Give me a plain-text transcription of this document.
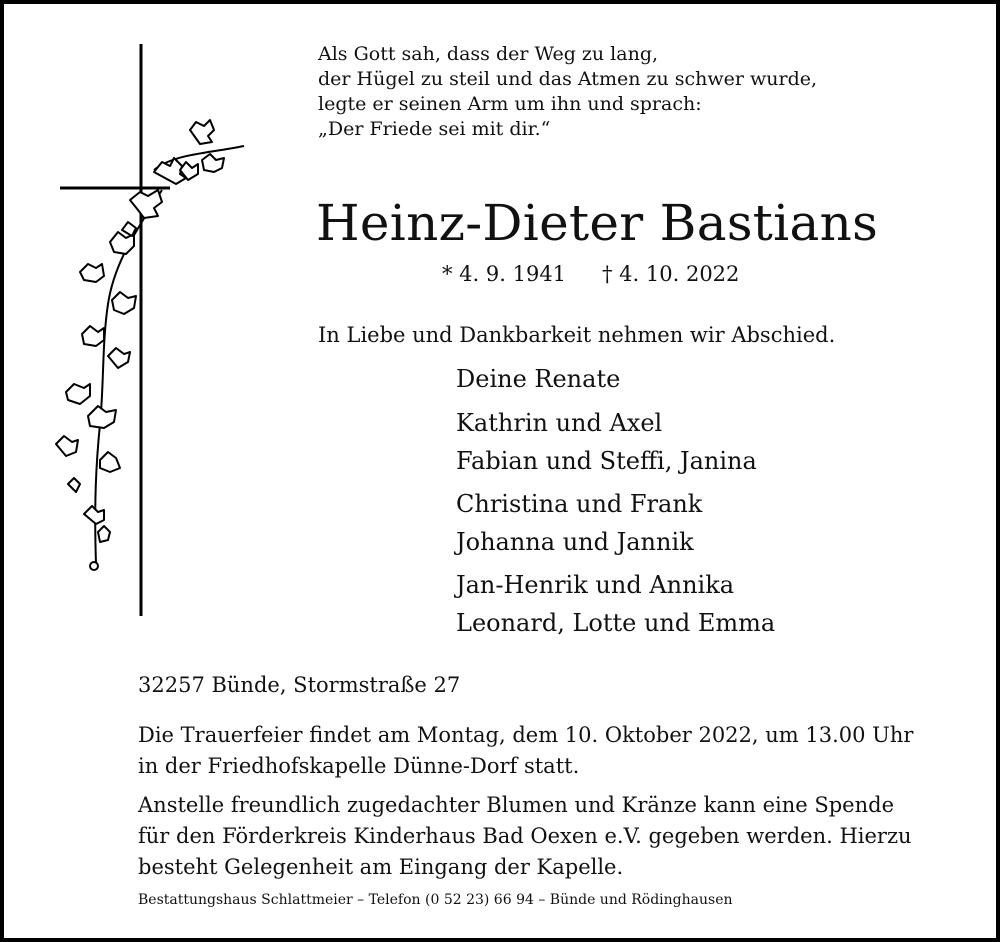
Als Gott sah, dass der Weg zu lang,
der Hügel zu steil und das Atmen zu schwer wurde,
legte er seinen Arm um ihn und sprach:
„Der Friede sei mit dir.“
Heinz-Dieter Bastians
* 4. 9. 1941 † 4. 10. 2022
In Liebe und Dankbarkeit nehmen wir Abschied.
Deine Renate
Kathrin und Axel
Fabian und Steffi, Janina
Christina und Frank
Johanna und Jannik
Jan-Henrik und Annika
Leonard, Lotte und Emma
32257 Bünde, Stormstraße 27
Die Trauerfeier findet am Montag, dem 10. Oktober 2022, um 13.00 Uhr
in der Friedhofskapelle Dünne-Dorf statt.
Anstelle freundlich zugedachter Blumen und Kränze kann eine Spende
für den Förderkreis Kinderhaus Bad Oexen e.V. gegeben werden. Hierzu
besteht Gelegenheit am Eingang der Kapelle.
Bestattungshaus Schlattmeier – Telefon (0 52 23) 66 94 – Bünde und Rödinghausen
